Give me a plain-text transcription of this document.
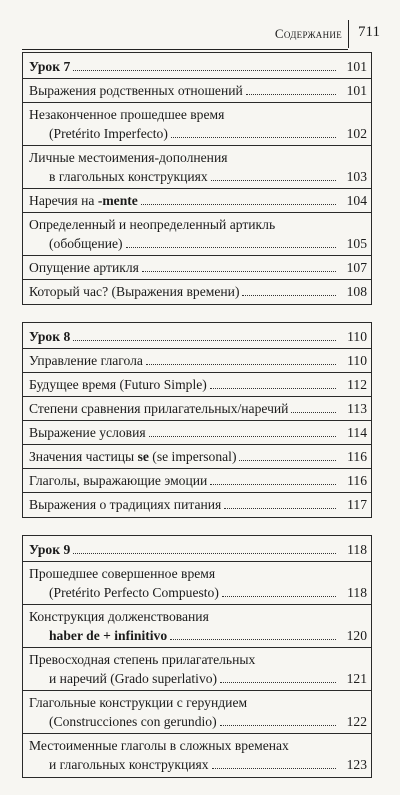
Содержание 711
Урок 7	101
Выражения родственных отношений	101
Незаконченное прошедшее время
(Pretérito Imperfecto)	102
Личные местоимения-дополнения
в глагольных конструкциях	103
Наречия на -mente	104
Определенный и неопределенный артикль
(обобщение)	105
Опущение артикля	107
Который час? (Выражения времени)	108
Урок 8	110
Управление глагола	110
Будущее время (Futuro Simple)	112
Степени сравнения прилагательных/наречий	113
Выражение условия	114
Значения частицы se (se impersonal)	116
Глаголы, выражающие эмоции	116
Выражения о традициях питания	117
Урок 9	118
Прошедшее совершенное время
(Pretérito Perfecto Compuesto)	118
Конструкция долженствования
haber de + infinitivo	120
Превосходная степень прилагательных
и наречий (Grado superlativo)	121
Глагольные конструкции с герундием
(Construcciones con gerundio)	122
Местоименные глаголы в сложных временах
и глагольных конструкциях	123
